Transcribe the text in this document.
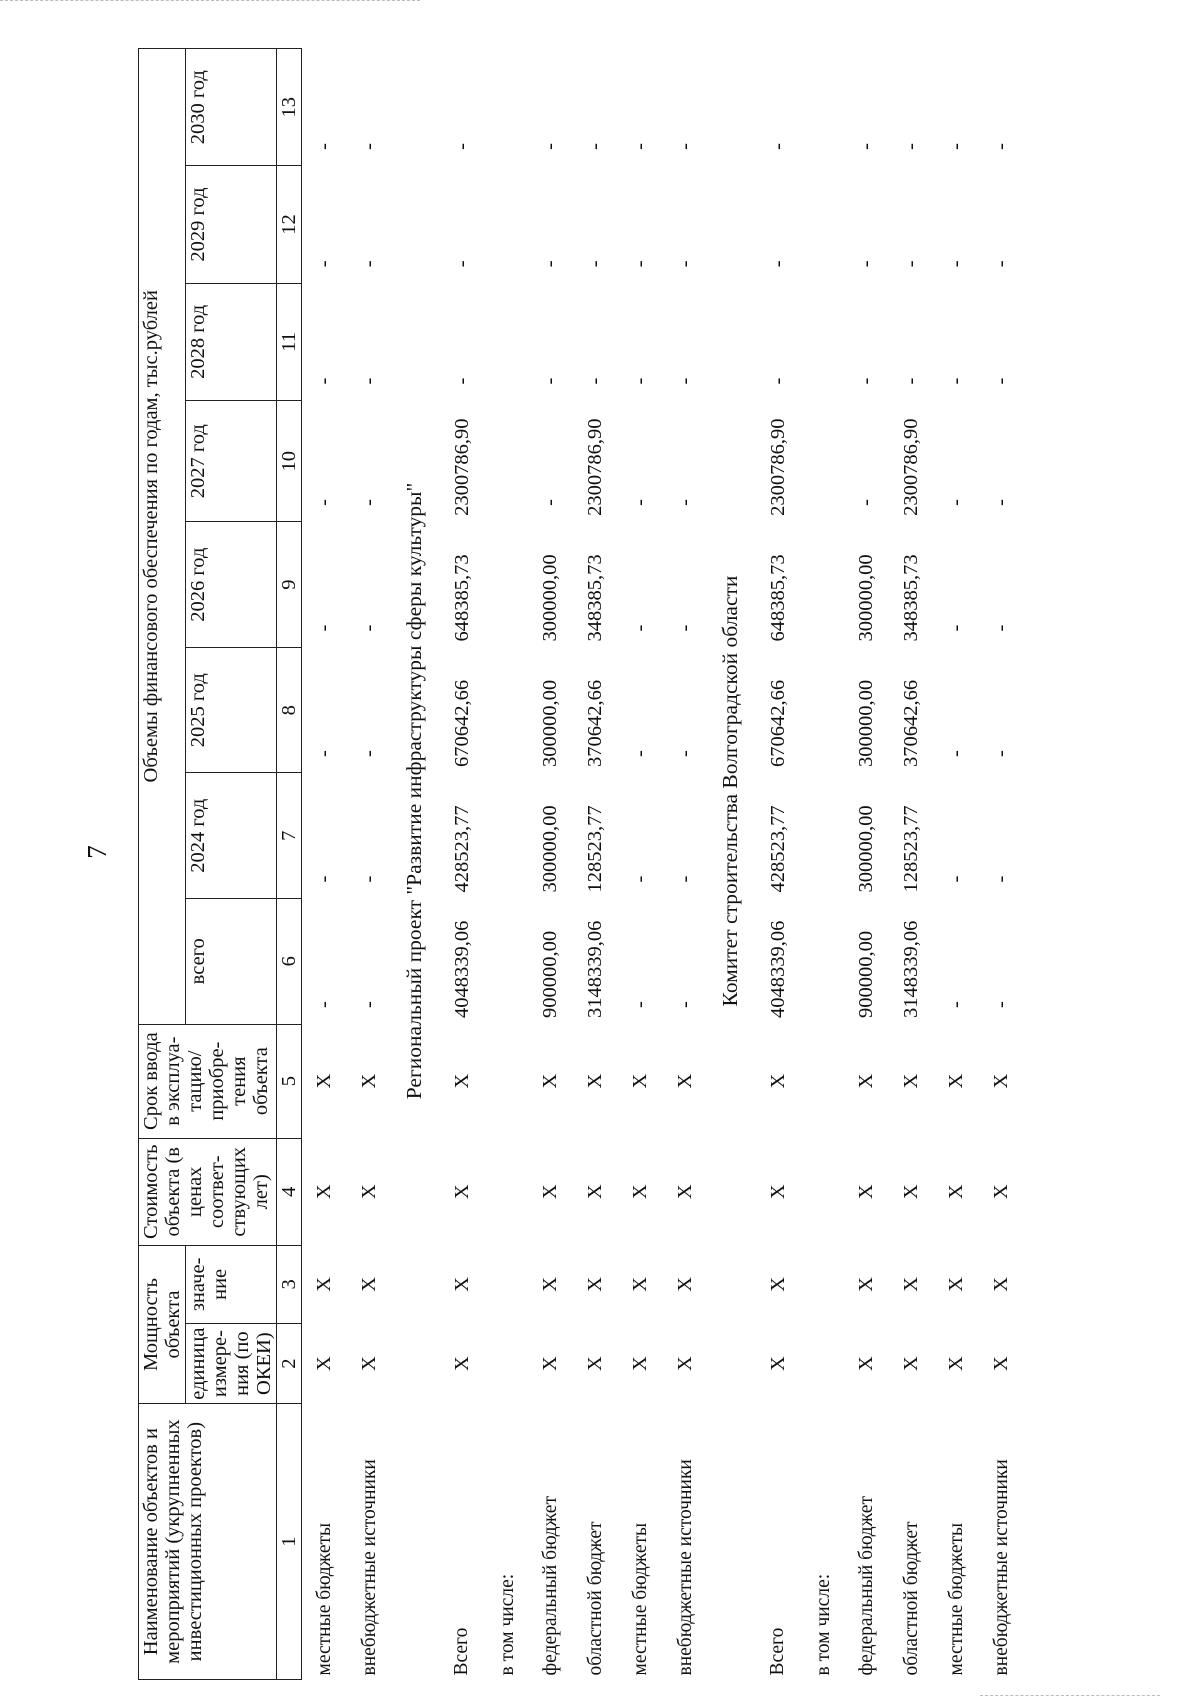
7
Наименование объектов и мероприятий (укрупненных инвестиционных проектов)	Мощность объекта		Стоимость объекта (в ценах соответ- ствующих лет)	Срок ввода в эксплуа- тацию/ приобре- тения объекта	Объемы финансового обеспечения по годам, тыс.рублей							
	единица измере- ния (по ОКЕИ)	значе- ние			всего	2024 год	2025 год	2026 год	2027 год	2028 год	2029 год	2030 год
1	2	3	4	5	6	7	8	9	10	11	12	13
местные бюджеты	X	X	X	X	-	-	-	-	-	-	-	-
внебюджетные источники	X	X	X	X	-	-	-	-	-	-	-	-
Региональный проект "Развитие инфраструктуры сферы культуры"												
Всего	X	X	X	X	4048339,06	428523,77	670642,66	648385,73	2300786,90	-	-	-
в том числе:												
федеральный бюджет	X	X	X	X	900000,00	300000,00	300000,00	300000,00	-	-	-	-
областной бюджет	X	X	X	X	3148339,06	128523,77	370642,66	348385,73	2300786,90	-	-	-
местные бюджеты	X	X	X	X	-	-	-	-	-	-	-	-
внебюджетные источники	X	X	X	X	-	-	-	-	-	-	-	-
Комитет строительства Волгоградской области												
Всего	X	X	X	X	4048339,06	428523,77	670642,66	648385,73	2300786,90	-	-	-
в том числе:												
федеральный бюджет	X	X	X	X	900000,00	300000,00	300000,00	300000,00	-	-	-	-
областной бюджет	X	X	X	X	3148339,06	128523,77	370642,66	348385,73	2300786,90	-	-	-
местные бюджеты	X	X	X	X	-	-	-	-	-	-	-	-
внебюджетные источники	X	X	X	X	-	-	-	-	-	-	-	-
